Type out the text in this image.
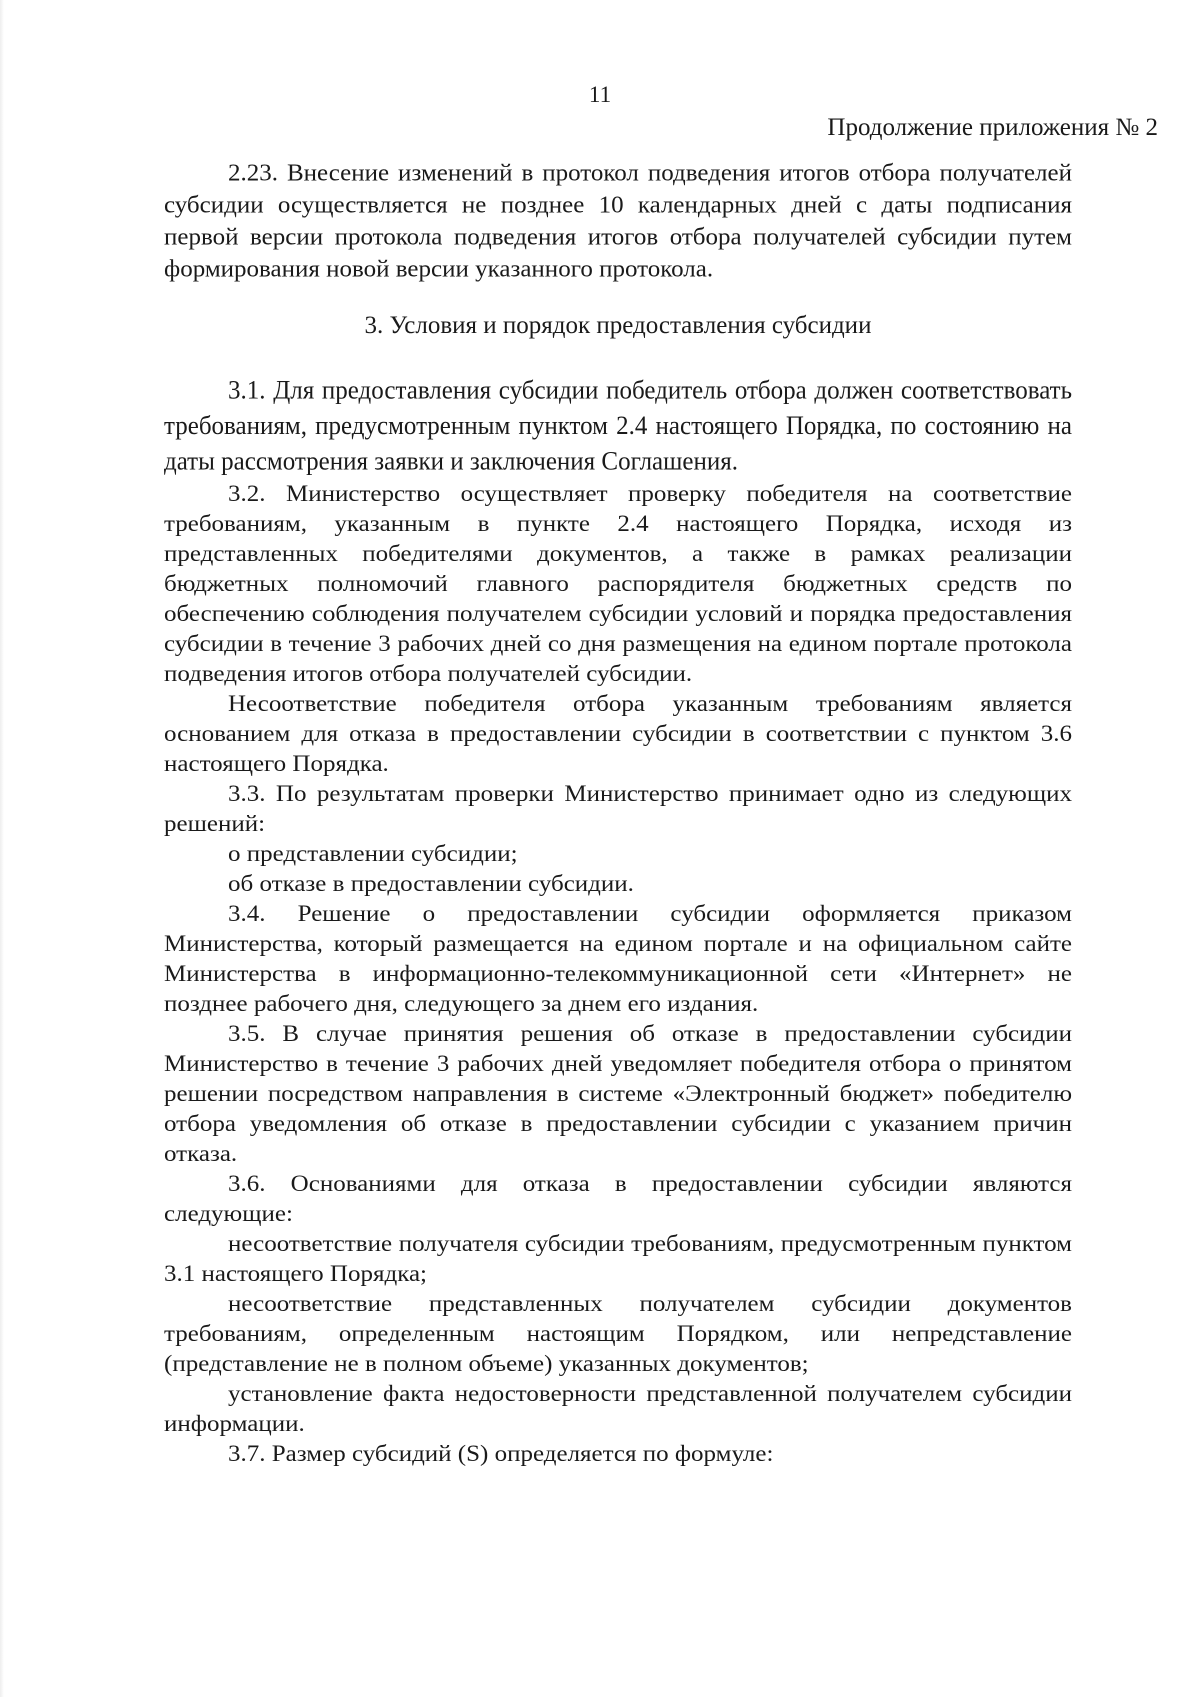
11
Продолжение приложения № 2

2.23. Внесение изменений в протокол подведения итогов отбора получателей субсидии осуществляется не позднее 10 календарных дней с даты подписания первой версии протокола подведения итогов отбора получателей субсидии путем формирования новой версии указанного протокола.

3. Условия и порядок предоставления субсидии

3.1. Для предоставления субсидии победитель отбора должен соответствовать требованиям, предусмотренным пунктом 2.4 настоящего Порядка, по состоянию на даты рассмотрения заявки и заключения Соглашения.

3.2. Министерство осуществляет проверку победителя на соответствие требованиям, указанным в пункте 2.4 настоящего Порядка, исходя из представленных победителями документов, а также в рамках реализации бюджетных полномочий главного распорядителя бюджетных средств по обеспечению соблюдения получателем субсидии условий и порядка предоставления субсидии в течение 3 рабочих дней со дня размещения на едином портале протокола подведения итогов отбора получателей субсидии.

Несоответствие победителя отбора указанным требованиям является основанием для отказа в предоставлении субсидии в соответствии с пунктом 3.6 настоящего Порядка.

3.3. По результатам проверки Министерство принимает одно из следующих решений:

о представлении субсидии;

об отказе в предоставлении субсидии.

3.4. Решение о предоставлении субсидии оформляется приказом Министерства, который размещается на едином портале и на официальном сайте Министерства в информационно-телекоммуникационной сети «Интернет» не позднее рабочего дня, следующего за днем его издания.

3.5. В случае принятия решения об отказе в предоставлении субсидии Министерство в течение 3 рабочих дней уведомляет победителя отбора о принятом решении посредством направления в системе «Электронный бюджет» победителю отбора уведомления об отказе в предоставлении субсидии с указанием причин отказа.

3.6. Основаниями для отказа в предоставлении субсидии являются следующие:

несоответствие получателя субсидии требованиям, предусмотренным пунктом 3.1 настоящего Порядка;

несоответствие представленных получателем субсидии документов требованиям, определенным настоящим Порядком, или непредставление (представление не в полном объеме) указанных документов;

установление факта недостоверности представленной получателем субсидии информации.

3.7. Размер субсидий (S) определяется по формуле:
